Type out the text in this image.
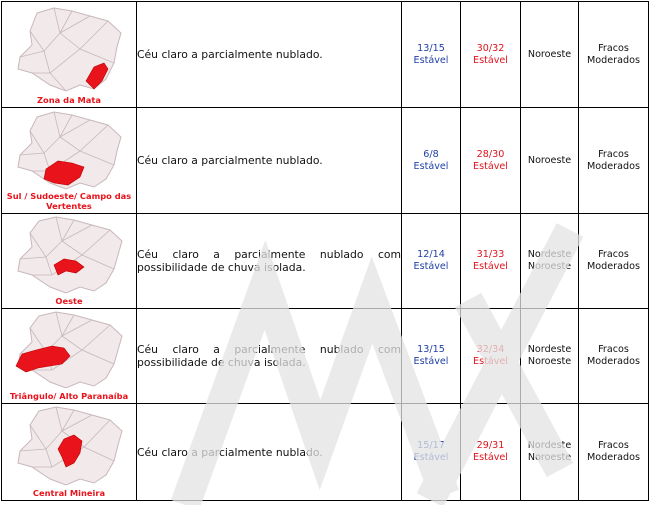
Zona da Mata	Céu claro a parcialmente nublado.	13/15
Estável	30/32
Estável	Noroeste	Fracos
Moderados

Sul / Sudoeste/ Campo das Vertentes	Céu claro a parcialmente nublado.	6/8
Estável	28/30
Estável	Noroeste	Fracos
Moderados

Oeste	Céu claro a parcialmente nublado com possibilidade de chuva isolada.	12/14
Estável	31/33
Estável	Nordeste
Noroeste	Fracos
Moderados

Triângulo/ Alto Paranaíba	Céu claro a parcialmente nublado com possibilidade de chuva isolada.	13/15
Estável	32/34
Estável	Nordeste
Noroeste	Fracos
Moderados

Central Mineira	Céu claro a parcialmente nublado.	15/17
Estável	29/31
Estável	Nordeste
Noroeste	Fracos
Moderados
